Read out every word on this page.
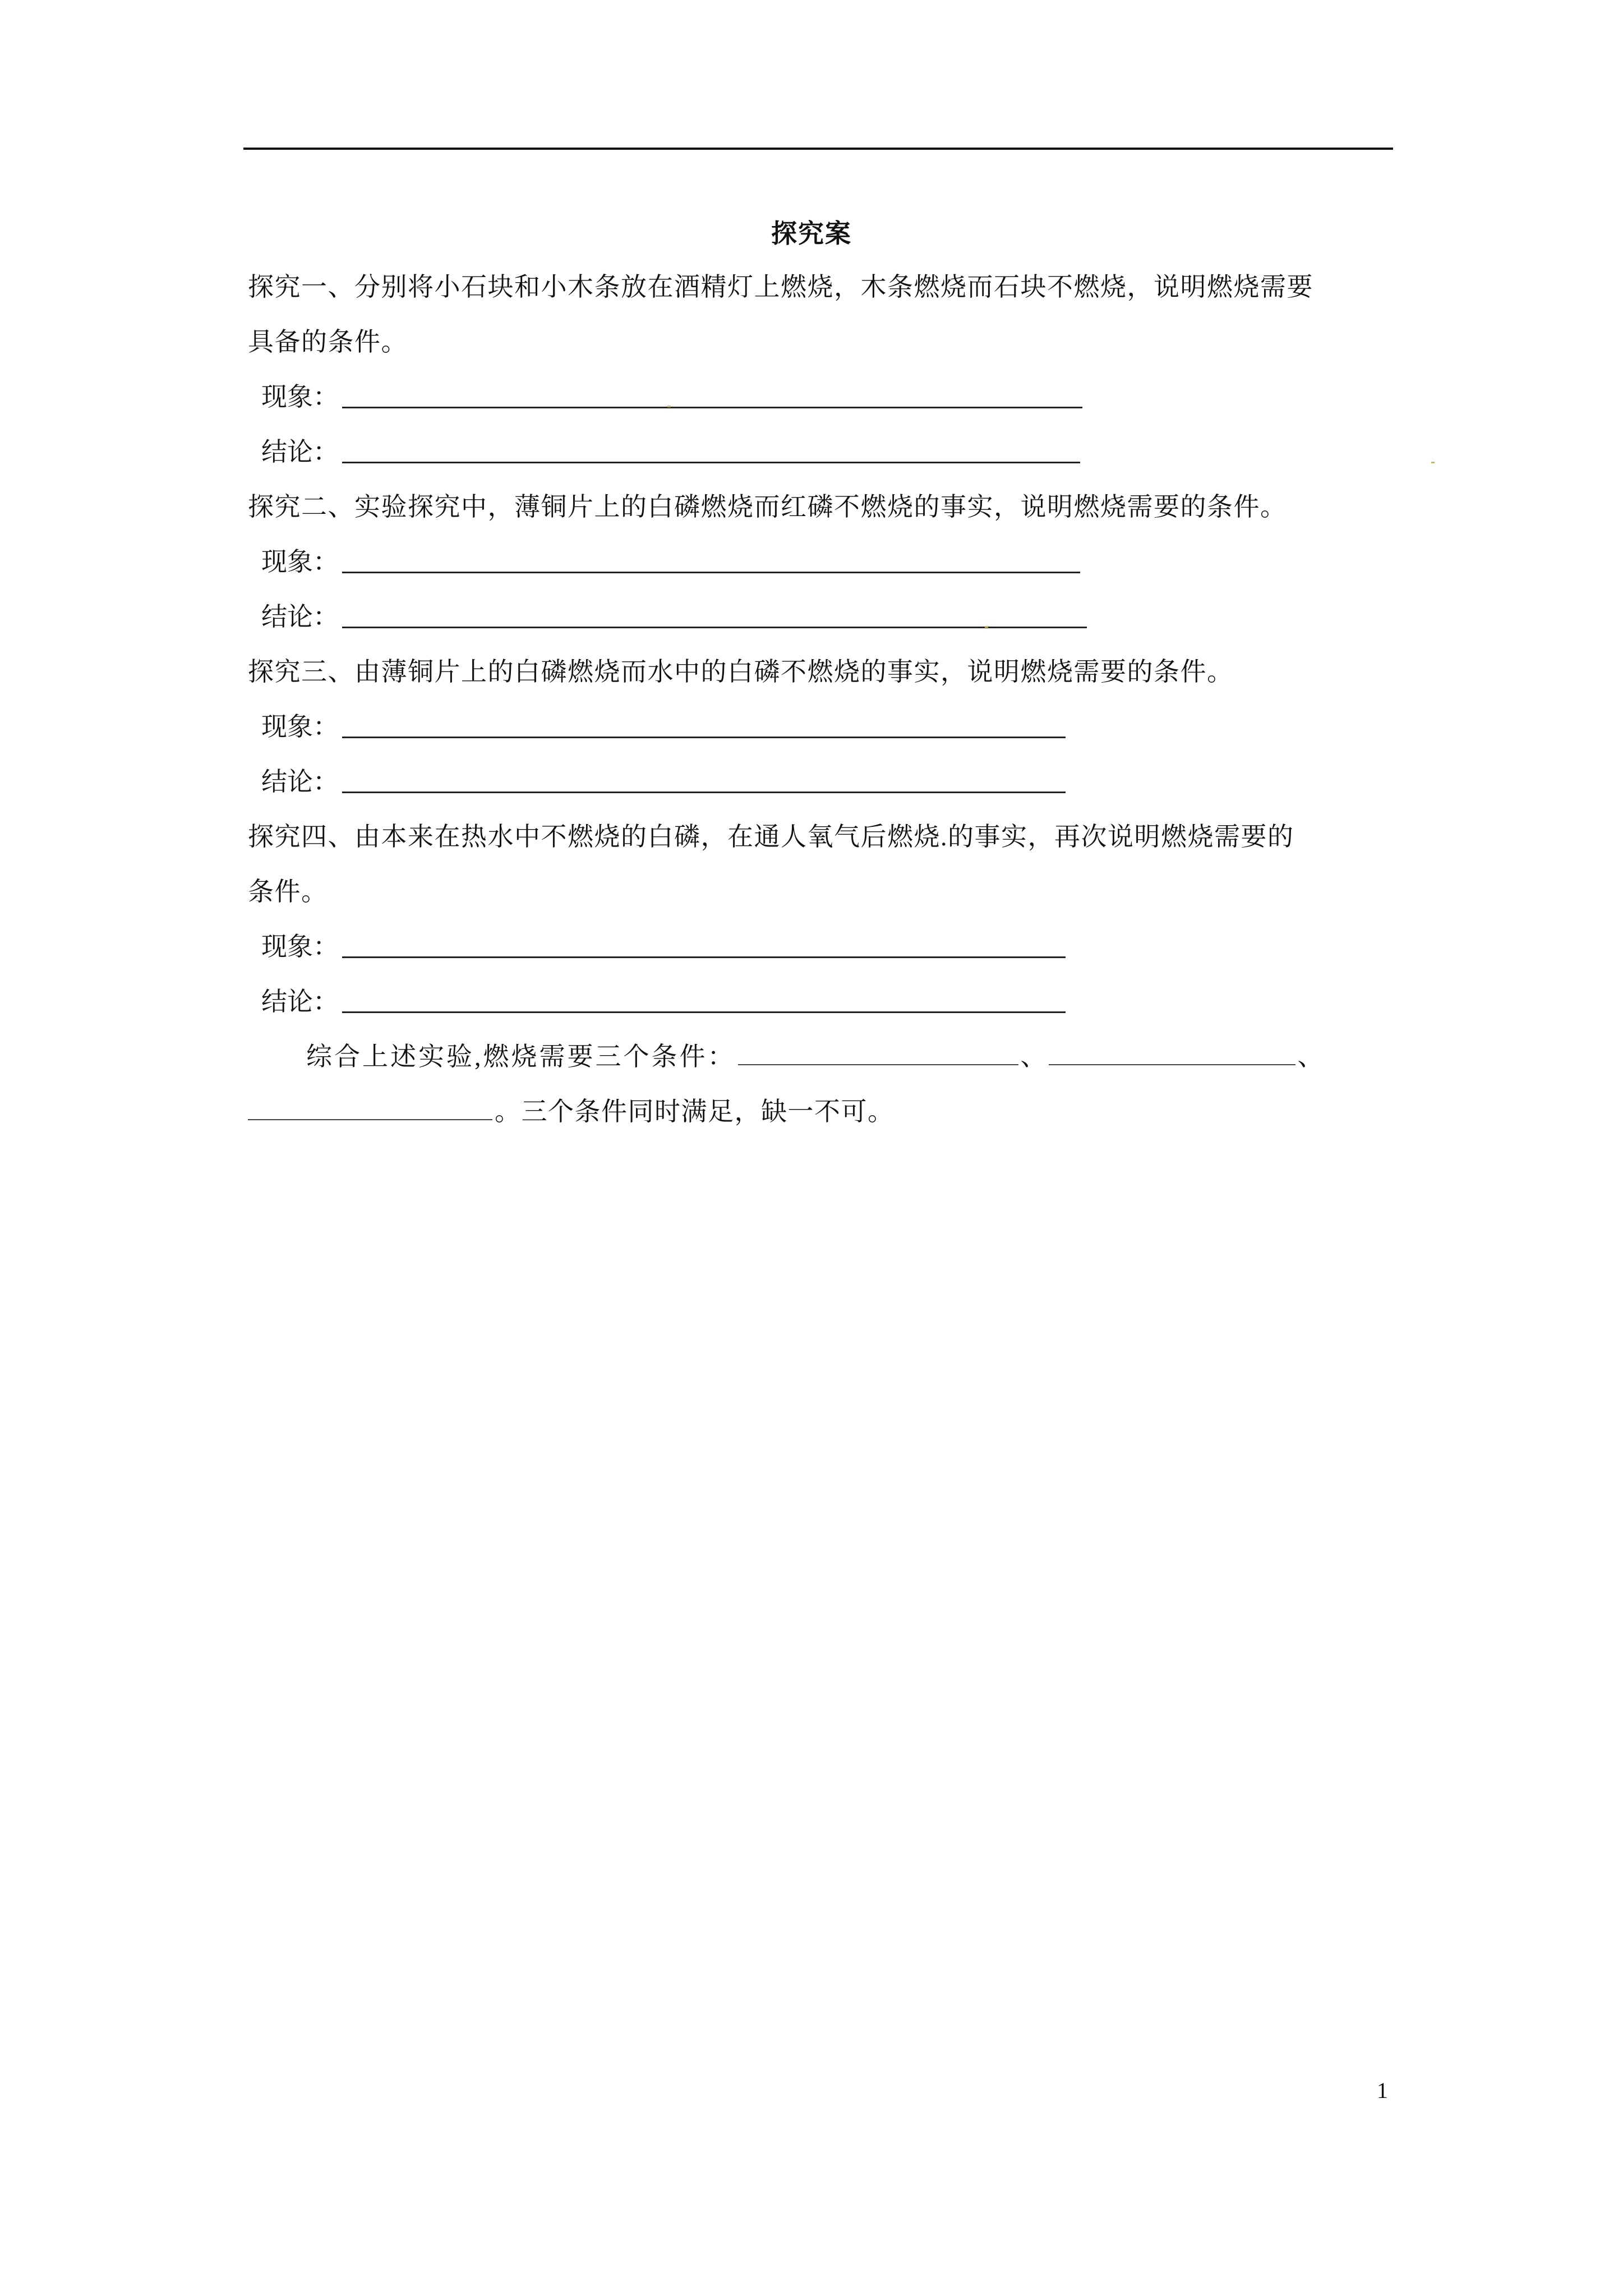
探究案
探究一、分别将小石块和小木条放在酒精灯上燃烧，木条燃烧而石块不燃烧，说明燃烧需要
具备的条件。
现象：
结论：
探究二、实验探究中，薄铜片上的白磷燃烧而红磷不燃烧的事实，说明燃烧需要的条件。
现象：
结论：
探究三、由薄铜片上的白磷燃烧而水中的白磷不燃烧的事实，说明燃烧需要的条件。
现象：
结论：
探究四、由本来在热水中不燃烧的白磷，在通人氧气后燃烧.的事实，再次说明燃烧需要的
条件。
现象：
结论：
综合上述实验,燃烧需要三个条件：	、	、
。三个条件同时满足，缺一不可。
1
